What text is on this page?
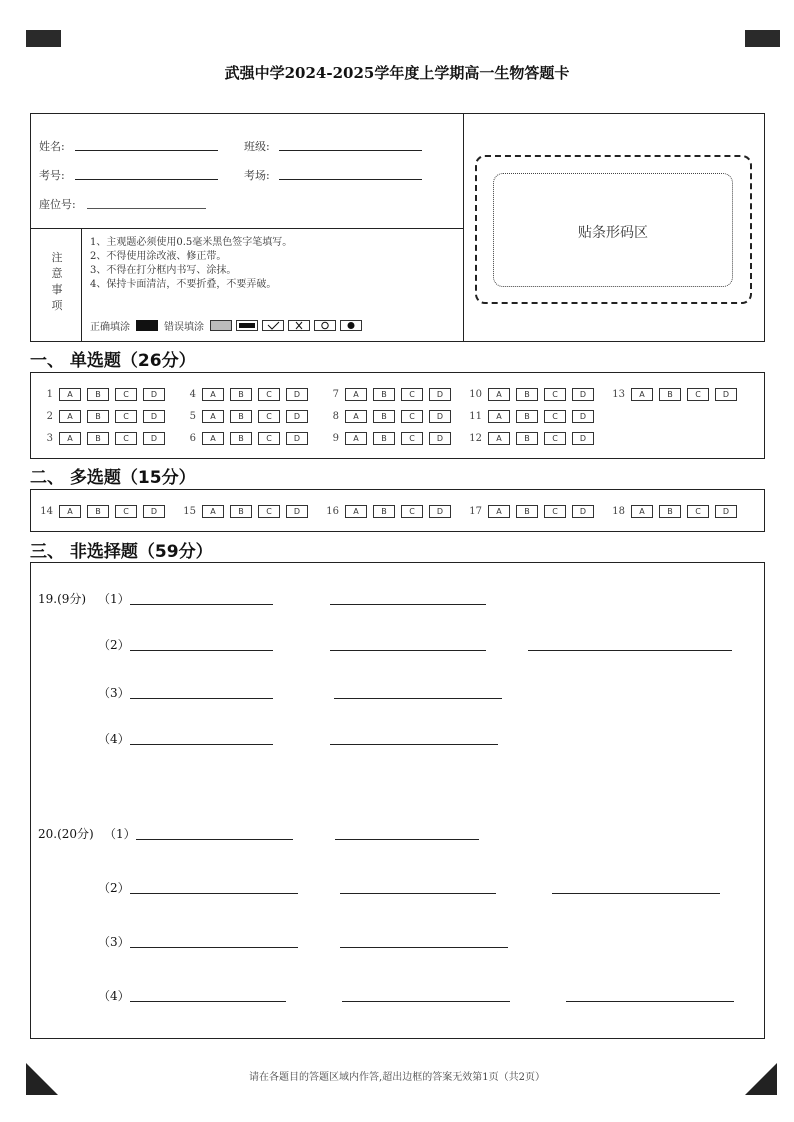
武强中学2024-2025学年度上学期高一生物答题卡
姓名:	班级:
考号:	考场:
座位号:
注
意
事
项
1、主观题必须使用0.5毫米黑色签字笔填写。
2、不得使用涂改液、修正带。
3、不得在打分框内书写、涂抹。
4、保持卡面清洁，不要折叠，不要弄破。
正确填涂	错误填涂
贴条形码区
一、 单选题（26分）
1	A	B	C	D	4	A	B	C	D	7	A	B	C	D	10	A	B	C	D	13	A	B	C	D
2	A	B	C	D	5	A	B	C	D	8	A	B	C	D	11	A	B	C	D
3	A	B	C	D	6	A	B	C	D	9	A	B	C	D	12	A	B	C	D
二、 多选题（15分）
14	A	B	C	D	15	A	B	C	D	16	A	B	C	D	17	A	B	C	D	18	A	B	C	D
三、 非选择题（59分）
19.(9分) （1）
（2）
（3）
（4）
20.(20分) （1）
（2）
（3）
（4）
请在各题目的答题区域内作答,超出边框的答案无效第1页（共2页）
